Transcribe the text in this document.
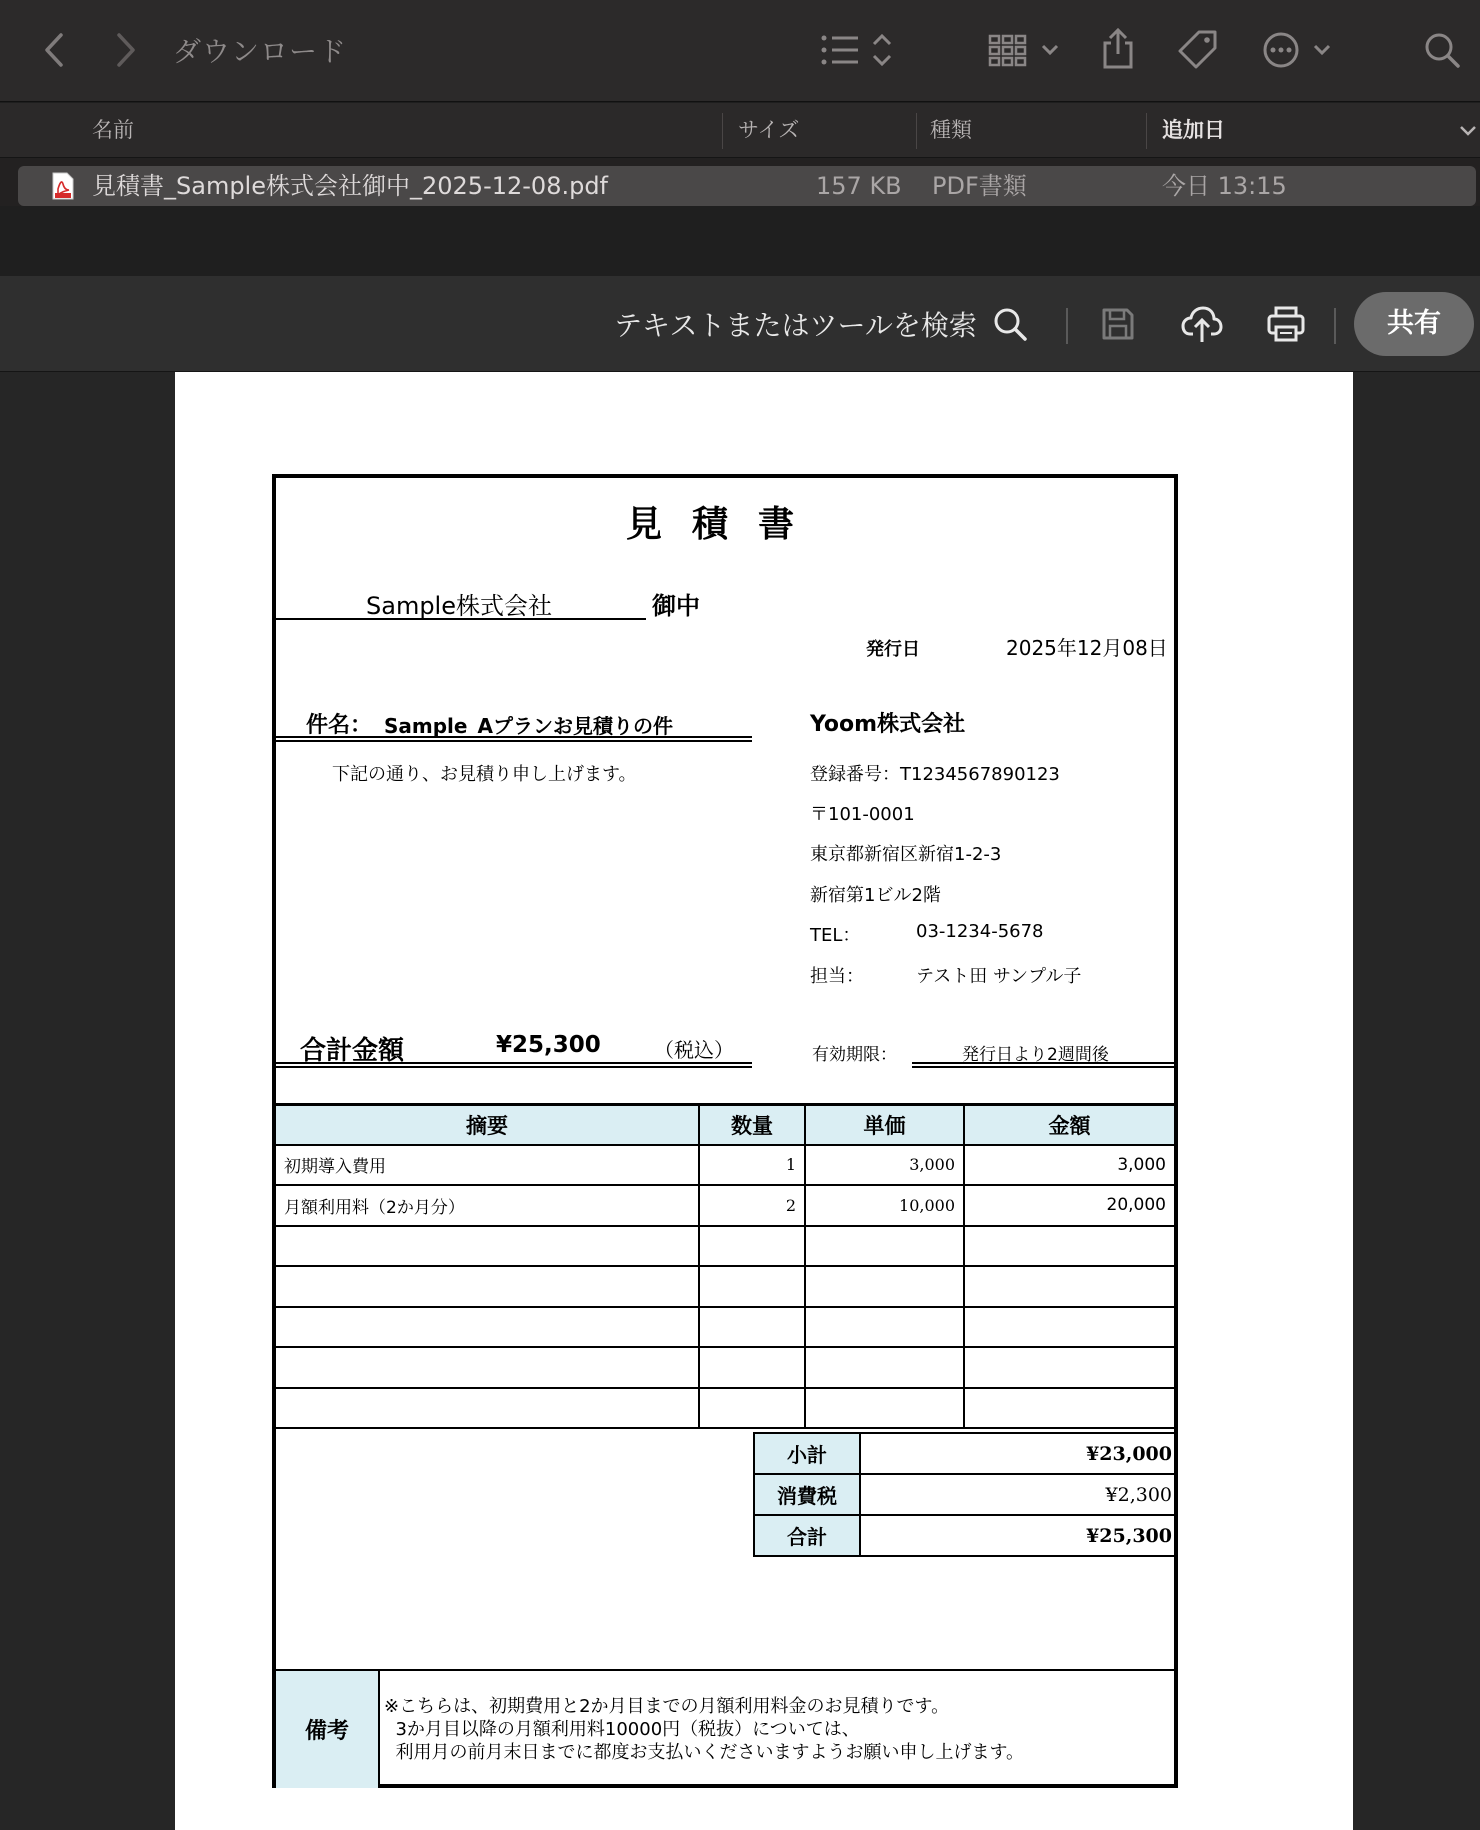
ダウンロード
名前	サイズ	種類	追加日
見積書_Sample株式会社御中_2025-12-08.pdf	157 KB PDF書類	今日 13:15
テキストまたはツールを検索	共有
見積書
Sample株式会社	御中
発行日	2025年12月08日
件名： Sample_Aプランお見積りの件
下記の通り、お見積り申し上げます。
Yoom株式会社
登録番号：T1234567890123
〒101-0001
東京都新宿区新宿1-2-3
新宿第1ビル2階
TEL：	03-1234-5678
担当：	テスト田 サンプル子
合計金額	¥25,300	（税込）	有効期限：	発行日より2週間後
摘要	数量	単価	金額
初期導入費用	1	3,000	3,000
月額利用料（2か月分）	2	10,000	20,000

小計	¥23,000
消費税	¥2,300
合計	¥25,300
備考
※こちらは、初期費用と2か月目までの月額利用料金のお見積りです。
3か月目以降の月額利用料10000円（税抜）については、
利用月の前月末日までに都度お支払いくださいますようお願い申し上げます。
